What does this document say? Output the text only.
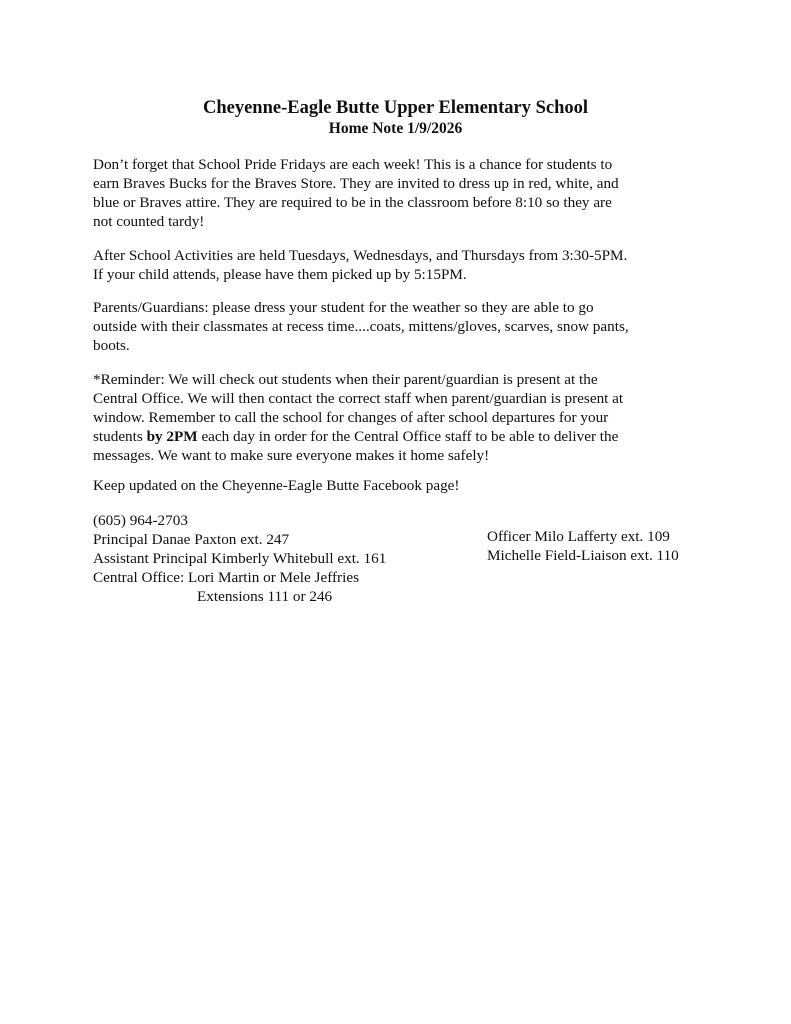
Cheyenne-Eagle Butte Upper Elementary School
Home Note 1/9/2026

Don’t forget that School Pride Fridays are each week! This is a chance for students to
earn Braves Bucks for the Braves Store. They are invited to dress up in red, white, and
blue or Braves attire. They are required to be in the classroom before 8:10 so they are
not counted tardy!

After School Activities are held Tuesdays, Wednesdays, and Thursdays from 3:30-5PM.
If your child attends, please have them picked up by 5:15PM.

Parents/Guardians: please dress your student for the weather so they are able to go
outside with their classmates at recess time....coats, mittens/gloves, scarves, snow pants,
boots.

*Reminder: We will check out students when their parent/guardian is present at the
Central Office. We will then contact the correct staff when parent/guardian is present at
window. Remember to call the school for changes of after school departures for your
students by 2PM each day in order for the Central Office staff to be able to deliver the
messages. We want to make sure everyone makes it home safely!

Keep updated on the Cheyenne-Eagle Butte Facebook page!

(605) 964-2703
Principal Danae Paxton ext. 247
Assistant Principal Kimberly Whitebull ext. 161
Central Office: Lori Martin or Mele Jeffries
Extensions 111 or 246
Officer Milo Lafferty ext. 109
Michelle Field-Liaison ext. 110
